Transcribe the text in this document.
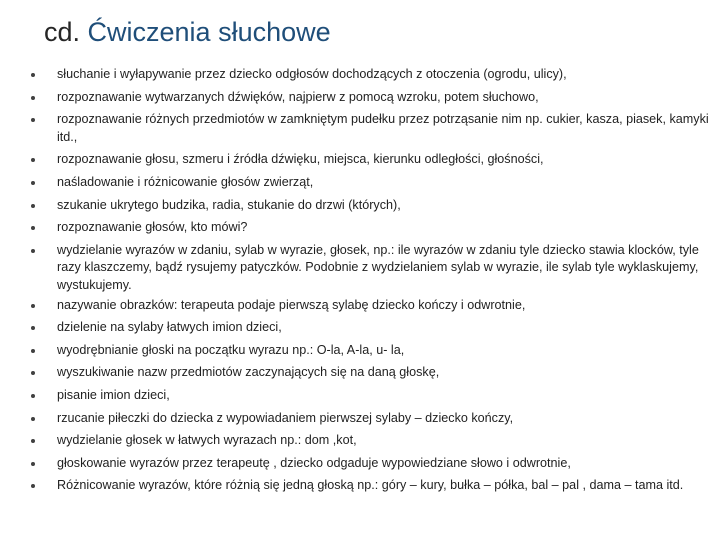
cd. Ćwiczenia słuchowe
słuchanie i wyłapywanie przez dziecko odgłosów dochodzących z otoczenia (ogrodu, ulicy),
rozpoznawanie wytwarzanych dźwięków, najpierw z pomocą wzroku, potem słuchowo,
rozpoznawanie różnych przedmiotów w zamkniętym pudełku przez potrząsanie nim np. cukier, kasza, piasek, kamyki itd.,
rozpoznawanie głosu, szmeru i źródła dźwięku, miejsca, kierunku odległości, głośności,
naśladowanie i różnicowanie głosów zwierząt,
szukanie ukrytego budzika, radia, stukanie do drzwi (których),
rozpoznawanie głosów, kto mówi?
wydzielanie wyrazów w zdaniu, sylab w wyrazie, głosek, np.: ile wyrazów w zdaniu tyle dziecko stawia klocków, tyle razy klaszczemy, bądź rysujemy patyczków. Podobnie z wydzielaniem sylab w wyrazie, ile sylab tyle wyklaskujemy, wystukujemy.
nazywanie obrazków: terapeuta podaje pierwszą sylabę dziecko kończy i odwrotnie,
dzielenie na sylaby łatwych imion dzieci,
wyodrębnianie głoski na początku wyrazu np.: O-la, A-la, u- la,
wyszukiwanie nazw przedmiotów zaczynających się na daną głoskę,
pisanie imion dzieci,
rzucanie piłeczki do dziecka z wypowiadaniem pierwszej sylaby – dziecko kończy,
wydzielanie głosek w łatwych wyrazach np.: dom ,kot,
głoskowanie wyrazów przez terapeutę , dziecko odgaduje wypowiedziane słowo i odwrotnie,
Różnicowanie wyrazów, które różnią się jedną głoską np.: góry – kury, bułka – półka, bal – pal , dama – tama itd.
